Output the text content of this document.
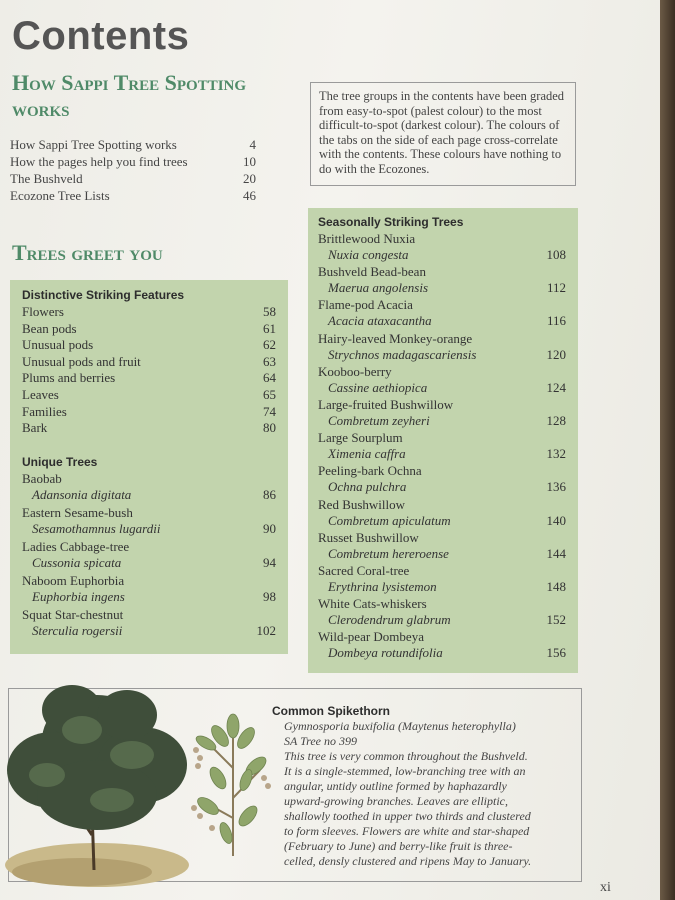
Contents
How Sappi Tree Spotting works
How Sappi Tree Spotting works	4
How the pages help you find trees	10
The Bushveld	20
Ecozone Tree Lists	46
The tree groups in the contents have been graded from easy-to-spot (palest colour) to the most difficult-to-spot (darkest colour). The colours of the tabs on the side of each page cross-correlate with the contents. These colours have nothing to do with the Ecozones.
Trees greet you
Distinctive Striking Features
Flowers	58
Bean pods	61
Unusual pods	62
Unusual pods and fruit	63
Plums and berries	64
Leaves	65
Families	74
Bark	80
Unique Trees
Baobab
Adansonia digitata	86
Eastern Sesame-bush
Sesamothamnus lugardii	90
Ladies Cabbage-tree
Cussonia spicata	94
Naboom Euphorbia
Euphorbia ingens	98
Squat Star-chestnut
Sterculia rogersii	102
Seasonally Striking Trees
Brittlewood Nuxia
Nuxia congesta	108
Bushveld Bead-bean
Maerua angolensis	112
Flame-pod Acacia
Acacia ataxacantha	116
Hairy-leaved Monkey-orange
Strychnos madagascariensis	120
Kooboo-berry
Cassine aethiopica	124
Large-fruited Bushwillow
Combretum zeyheri	128
Large Sourplum
Ximenia caffra	132
Peeling-bark Ochna
Ochna pulchra	136
Red Bushwillow
Combretum apiculatum	140
Russet Bushwillow
Combretum hereroense	144
Sacred Coral-tree
Erythrina lysistemon	148
White Cats-whiskers
Clerodendrum glabrum	152
Wild-pear Dombeya
Dombeya rotundifolia	156
Common Spikethorn
Gymnosporia buxifolia (Maytenus heterophylla)
SA Tree no 399
This tree is very common throughout the Bushveld.
It is a single-stemmed, low-branching tree with an
angular, untidy outline formed by haphazardly
upward-growing branches. Leaves are elliptic,
shallowly toothed in upper two thirds and clustered
to form sleeves. Flowers are white and star-shaped
(February to June) and berry-like fruit is three-
celled, densly clustered and ripens May to January.
xi
